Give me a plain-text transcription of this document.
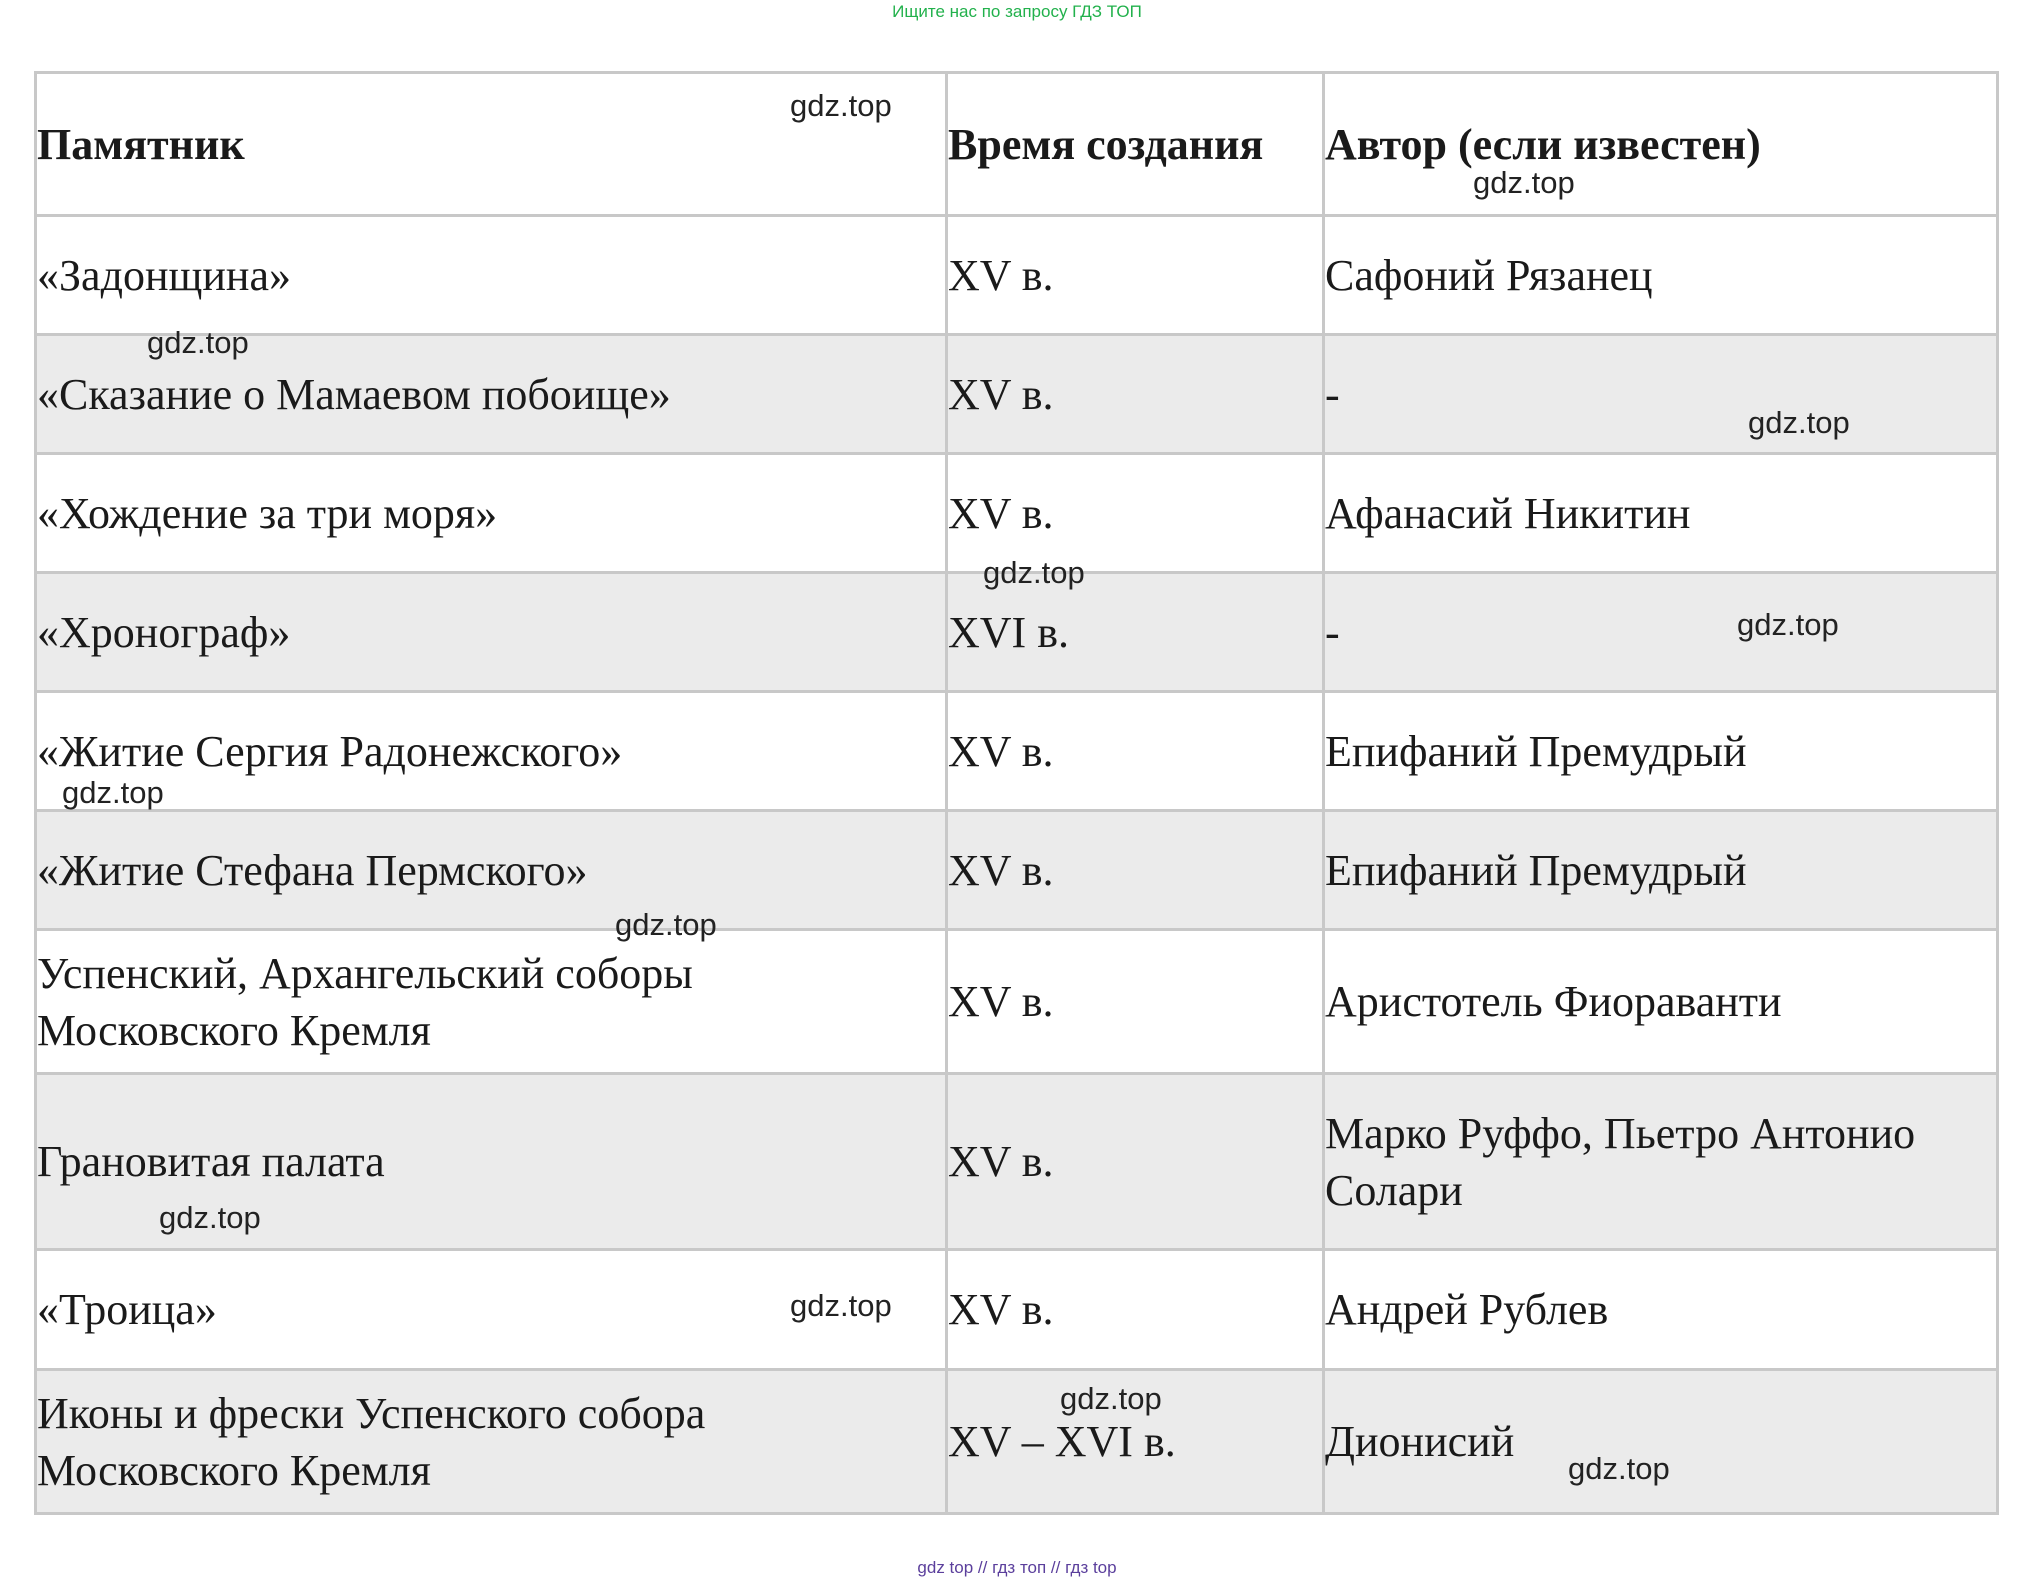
Ищите нас по запросу ГДЗ ТОП
Памятник	Время создания	Автор (если известен)
«Задонщина»	XV в.	Сафоний Рязанец
«Сказание о Мамаевом побоище»	XV в.	-
«Хождение за три моря»	XV в.	Афанасий Никитин
«Хронограф»	XVI в.	-
«Житие Сергия Радонежского»	XV в.	Епифаний Премудрый
«Житие Стефана Пермского»	XV в.	Епифаний Премудрый
Успенский, Архангельский соборы Московского Кремля	XV в.	Аристотель Фиораванти
Грановитая палата	XV в.	Марко Руффо, Пьетро Антонио Солари
«Троица»	XV в.	Андрей Рублев
Иконы и фрески Успенского собора Московского Кремля	XV – XVI в.	Дионисий
gdz.top
gdz.top
gdz.top
gdz.top
gdz.top
gdz.top
gdz.top
gdz.top
gdz.top
gdz.top
gdz.top
gdz.top
gdz top // гдз топ // гдз top
